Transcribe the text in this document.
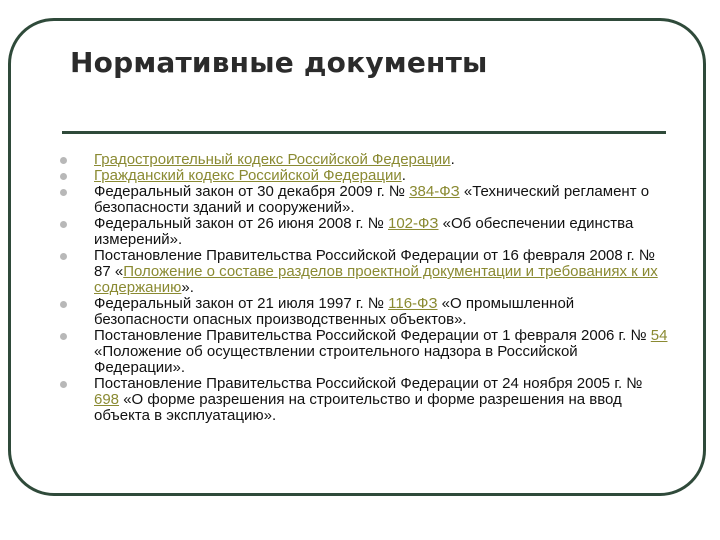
Нормативные документы
Градостроительный кодекс Российской Федерации.
Гражданский кодекс Российской Федерации.
Федеральный закон от 30 декабря 2009 г. № 384-ФЗ «Технический регламент о безопасности зданий и сооружений».
Федеральный закон от 26 июня 2008 г. № 102-ФЗ «Об обеспечении единства измерений».
Постановление Правительства Российской Федерации от 16 февраля 2008 г. № 87 «Положение о составе разделов проектной документации и требованиях к их содержанию».
Федеральный закон от 21 июля 1997 г. № 116-ФЗ «О промышленной безопасности опасных производственных объектов».
Постановление Правительства Российской Федерации от 1 февраля 2006 г. № 54 «Положение об осуществлении строительного надзора в Российской Федерации».
Постановление Правительства Российской Федерации от 24 ноября 2005 г. № 698 «О форме разрешения на строительство и форме разрешения на ввод объекта в эксплуатацию».
